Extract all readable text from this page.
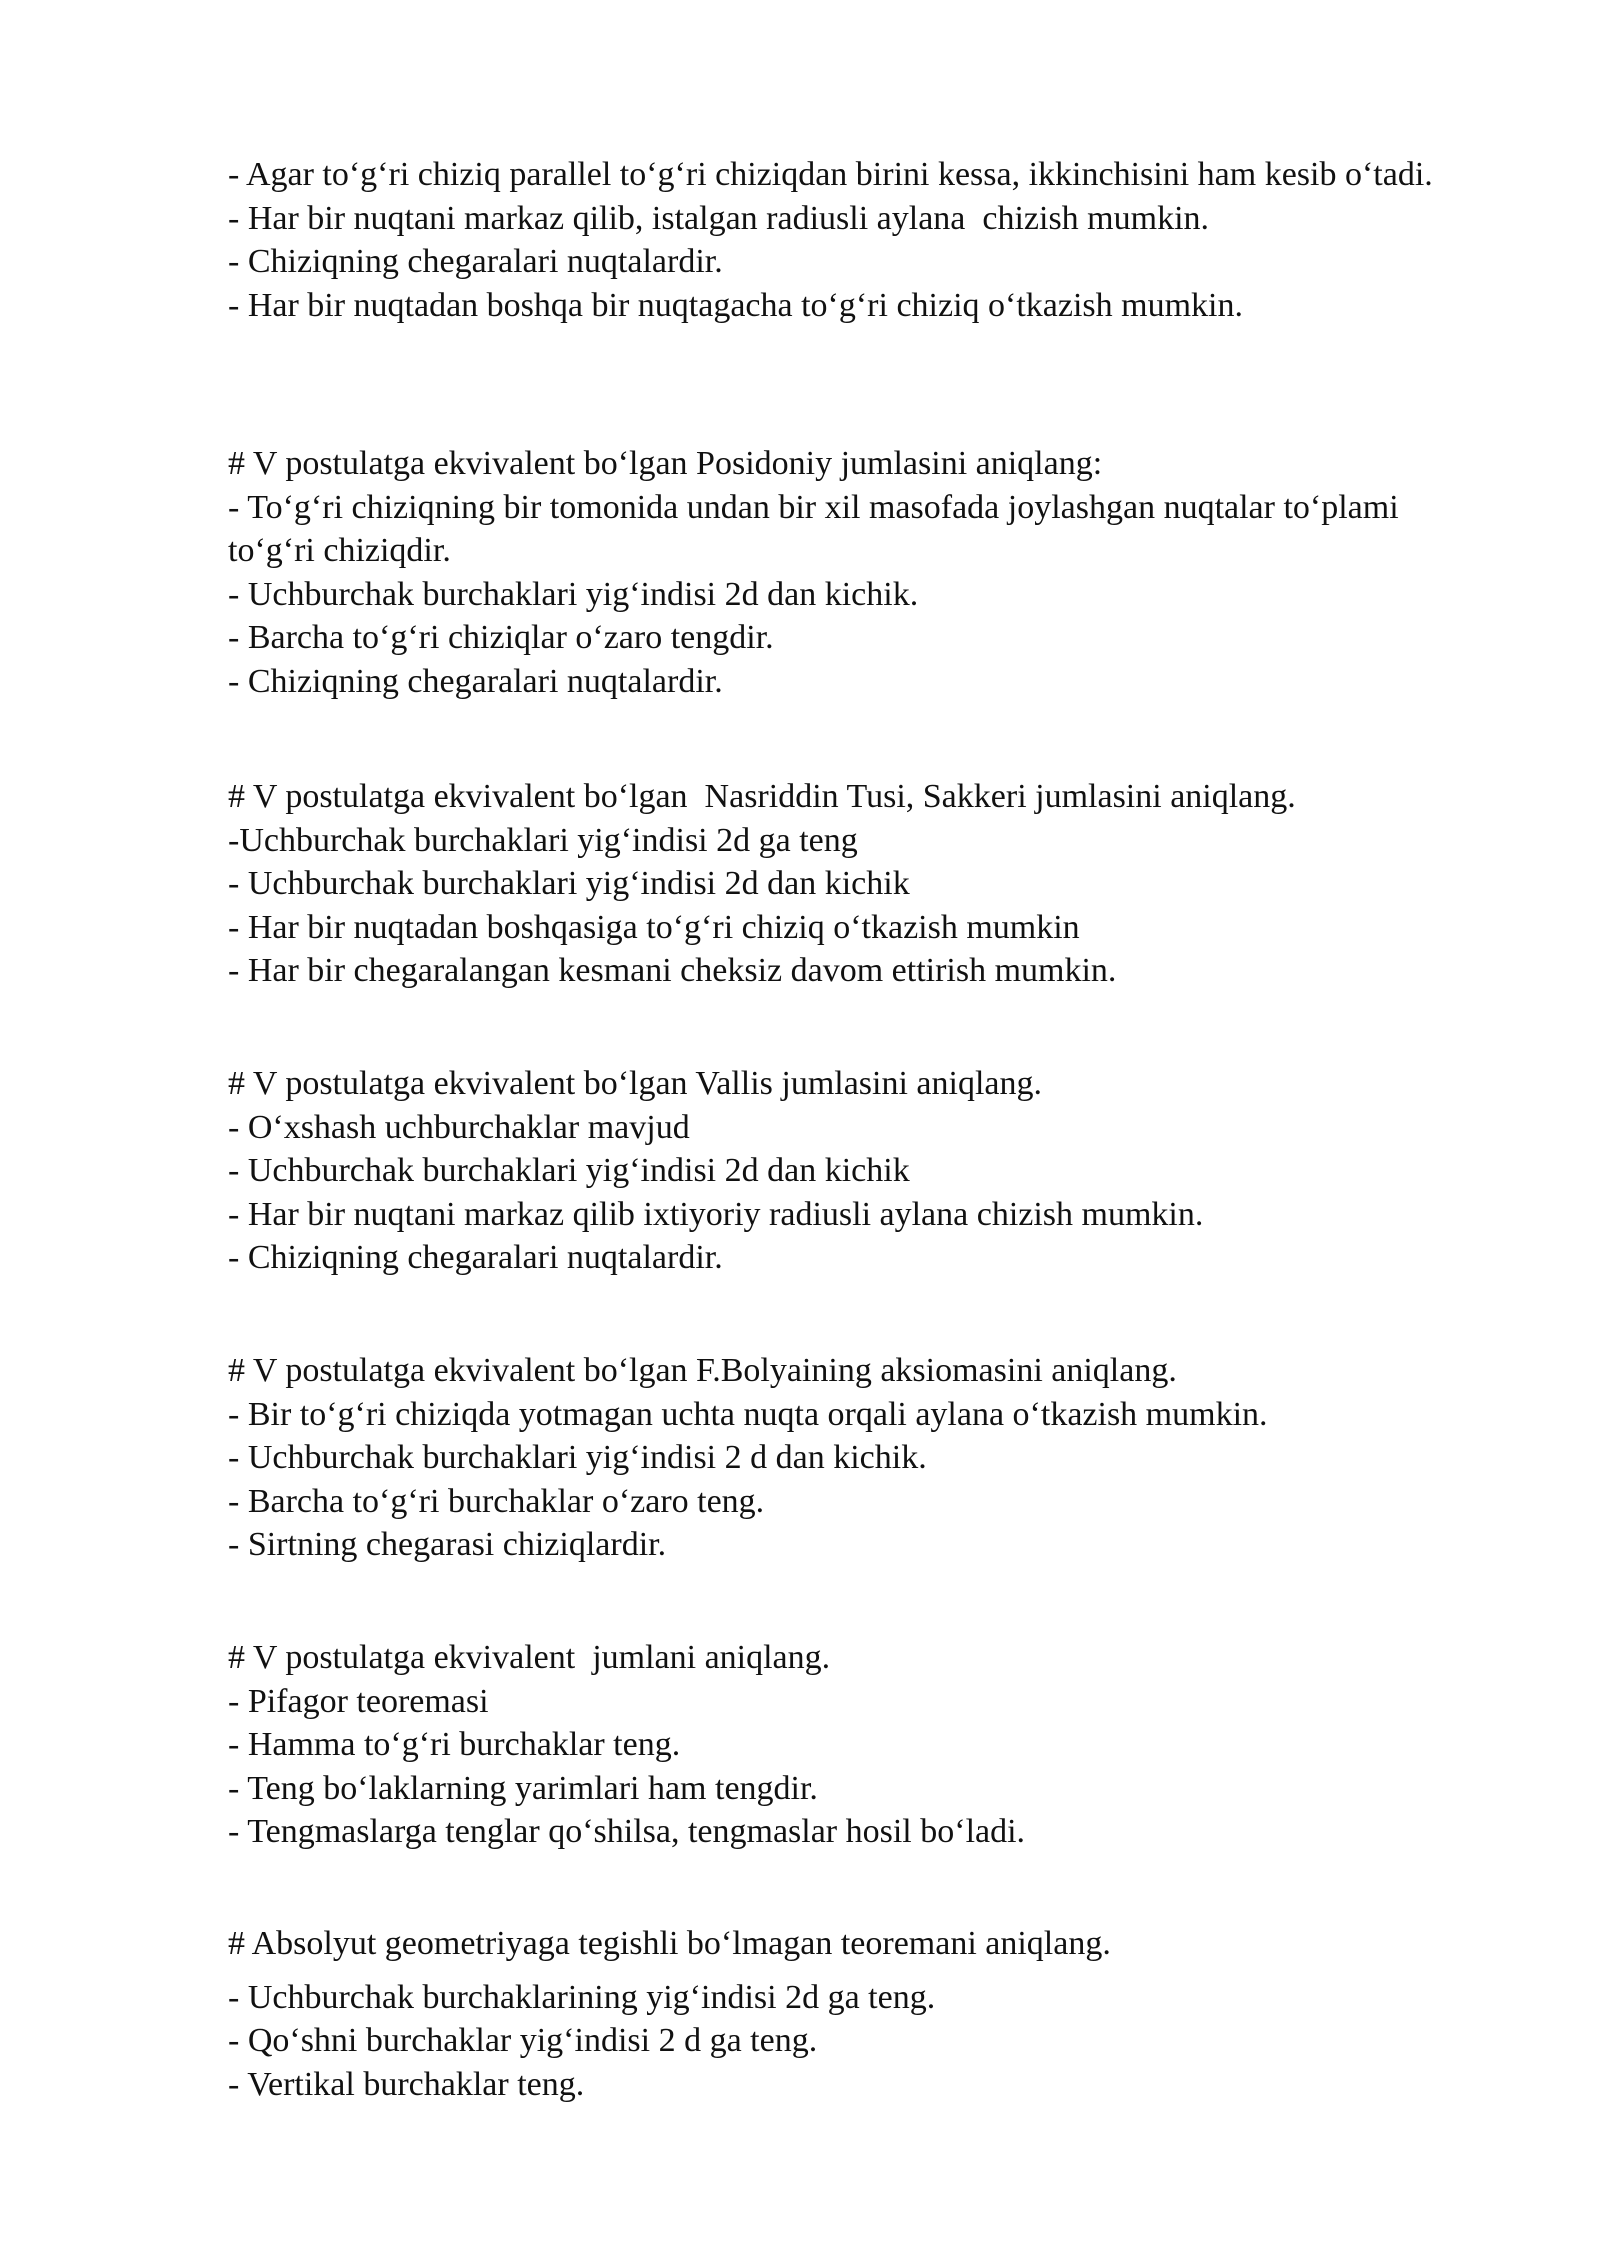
- Agar to‘g‘ri chiziq parallel to‘g‘ri chiziqdan birini kessa, ikkinchisini ham kesib o‘tadi.

- Har bir nuqtani markaz qilib, istalgan radiusli aylana  chizish mumkin.

- Chiziqning chegaralari nuqtalardir.

- Har bir nuqtadan boshqa bir nuqtagacha to‘g‘ri chiziq o‘tkazish mumkin.

# V postulatga ekvivalent bo‘lgan Posidoniy jumlasini aniqlang:

- To‘g‘ri chiziqning bir tomonida undan bir xil masofada joylashgan nuqtalar to‘plami to‘g‘ri chiziqdir.

- Uchburchak burchaklari yig‘indisi 2d dan kichik.

- Barcha to‘g‘ri chiziqlar o‘zaro tengdir.

- Chiziqning chegaralari nuqtalardir.

# V postulatga ekvivalent bo‘lgan  Nasriddin Tusi, Sakkeri jumlasini aniqlang.

-Uchburchak burchaklari yig‘indisi 2d ga teng

- Uchburchak burchaklari yig‘indisi 2d dan kichik

- Har bir nuqtadan boshqasiga to‘g‘ri chiziq o‘tkazish mumkin

- Har bir chegaralangan kesmani cheksiz davom ettirish mumkin.

# V postulatga ekvivalent bo‘lgan Vallis jumlasini aniqlang.

- O‘xshash uchburchaklar mavjud

- Uchburchak burchaklari yig‘indisi 2d dan kichik

- Har bir nuqtani markaz qilib ixtiyoriy radiusli aylana chizish mumkin.

- Chiziqning chegaralari nuqtalardir.

# V postulatga ekvivalent bo‘lgan F.Bolyaining aksiomasini aniqlang.

- Bir to‘g‘ri chiziqda yotmagan uchta nuqta orqali aylana o‘tkazish mumkin.

- Uchburchak burchaklari yig‘indisi 2 d dan kichik.

- Barcha to‘g‘ri burchaklar o‘zaro teng.

- Sirtning chegarasi chiziqlardir.

# V postulatga ekvivalent  jumlani aniqlang.

- Pifagor teoremasi

- Hamma to‘g‘ri burchaklar teng.

- Teng bo‘laklarning yarimlari ham tengdir.

- Tengmaslarga tenglar qo‘shilsa, tengmaslar hosil bo‘ladi.

# Absolyut geometriyaga tegishli bo‘lmagan teoremani aniqlang.

- Uchburchak burchaklarining yig‘indisi 2d ga teng.

- Qo‘shni burchaklar yig‘indisi 2 d ga teng.

- Vertikal burchaklar teng.
